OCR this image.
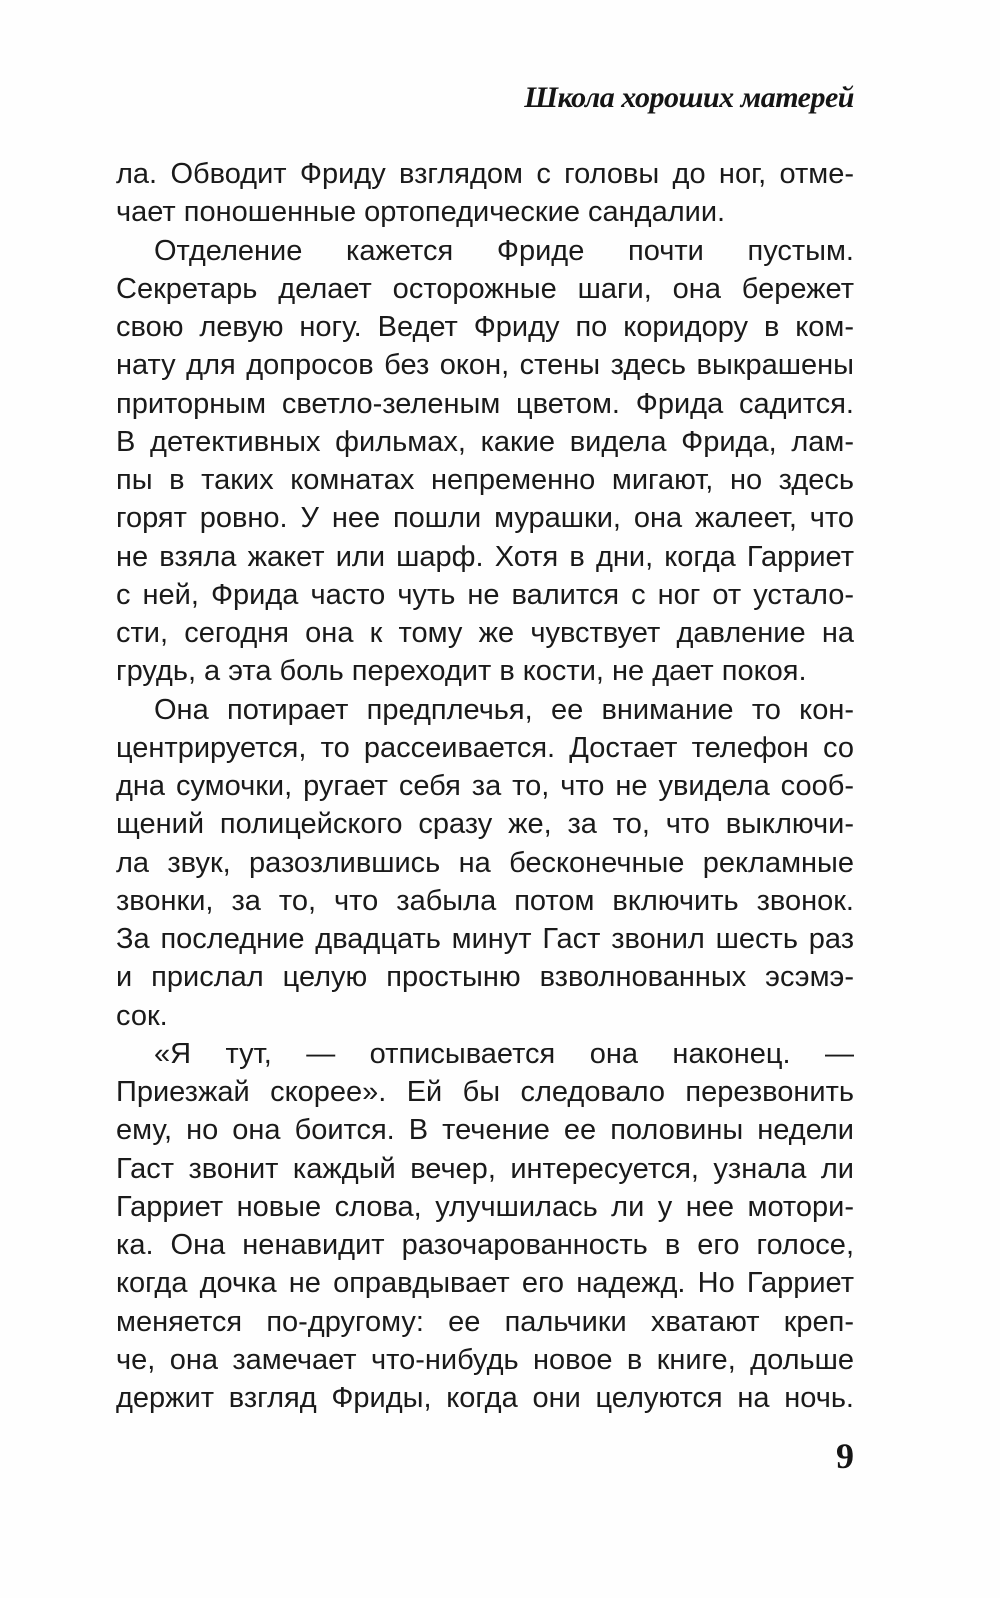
Школа хороших матерей
ла. Обводит Фриду взглядом с головы до ног, отме-
чает поношенные ортопедические сандалии.
Отделение кажется Фриде почти пустым.
Секретарь делает осторожные шаги, она бережет
свою левую ногу. Ведет Фриду по коридору в ком-
нату для допросов без окон, стены здесь выкрашены
приторным светло-зеленым цветом. Фрида садится.
В детективных фильмах, какие видела Фрида, лам-
пы в таких комнатах непременно мигают, но здесь
горят ровно. У нее пошли мурашки, она жалеет, что
не взяла жакет или шарф. Хотя в дни, когда Гарриет
с ней, Фрида часто чуть не валится с ног от устало-
сти, сегодня она к тому же чувствует давление на
грудь, а эта боль переходит в кости, не дает покоя.
Она потирает предплечья, ее внимание то кон-
центрируется, то рассеивается. Достает телефон со
дна сумочки, ругает себя за то, что не увидела сооб-
щений полицейского сразу же, за то, что выключи-
ла звук, разозлившись на бесконечные рекламные
звонки, за то, что забыла потом включить звонок.
За последние двадцать минут Гаст звонил шесть раз
и прислал целую простыню взволнованных эсэмэ-
сок.
«Я тут, — отписывается она наконец. —
Приезжай скорее». Ей бы следовало перезвонить
ему, но она боится. В течение ее половины недели
Гаст звонит каждый вечер, интересуется, узнала ли
Гарриет новые слова, улучшилась ли у нее мотори-
ка. Она ненавидит разочарованность в его голосе,
когда дочка не оправдывает его надежд. Но Гарриет
меняется по-другому: ее пальчики хватают креп-
че, она замечает что-нибудь новое в книге, дольше
держит взгляд Фриды, когда они целуются на ночь.
9
